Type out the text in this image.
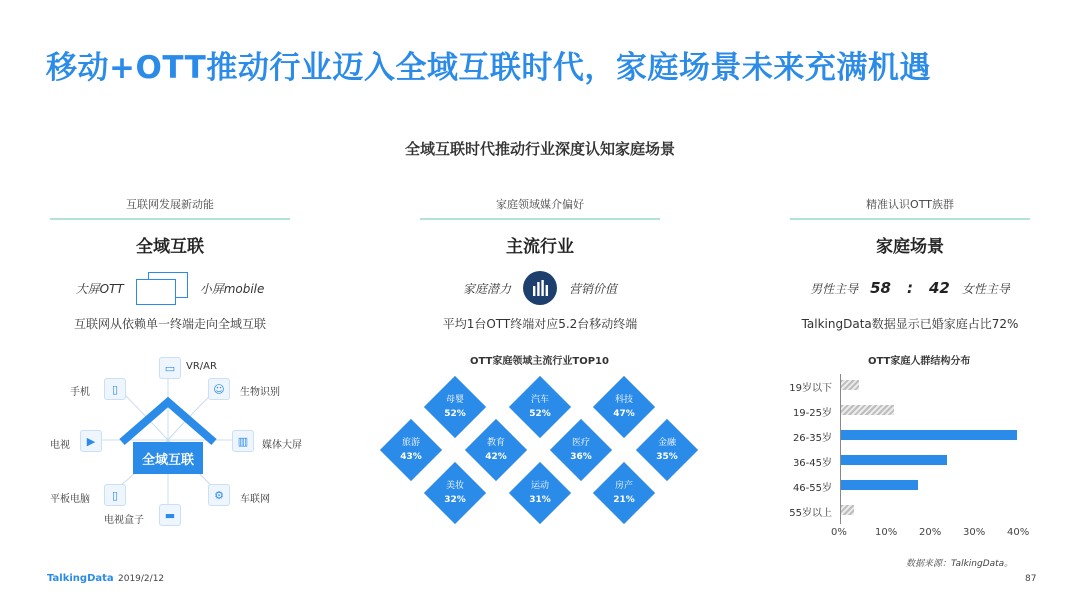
移动+OTT推动行业迈入全域互联时代，家庭场景未来充满机遇
全域互联时代推动行业深度认知家庭场景
互联网发展新动能
全域互联
大屏OTT	小屏mobile
互联网从依赖单一终端走向全域互联
家庭领域媒介偏好
主流行业
家庭潜力	营销价值
平均1台OTT终端对应5.2台移动终端
精准认识OTT族群
家庭场景
男性主导 58 : 42 女性主导
TalkingData数据显示已婚家庭占比72%
全域互联
▭	VR/AR
☺	生物识别
▥	媒体大屏
⚙	车联网
▬
电视盒子
▯
平板电脑
▶
电视
▯
手机
OTT家庭领域主流行业TOP10
母婴
52%
汽车
52%
科技
47%
旅游
43%
教育
42%
医疗
36%
金融
35%
美妆
32%
运动
31%
房产
21%
OTT家庭人群结构分布
19岁以下
19-25岁
26-35岁
36-45岁
46-55岁
55岁以上
0%	10% 20% 30% 40%
数据来源：TalkingData。
TalkingData 2019/2/12	87
